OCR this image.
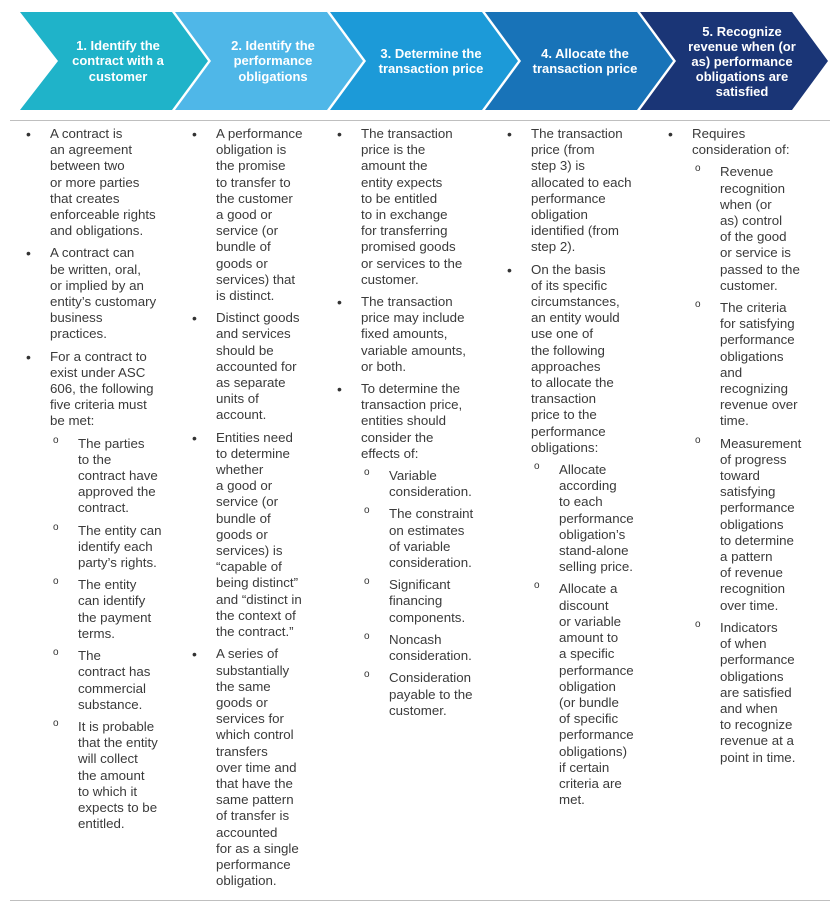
1. Identify the
contract with a
customer
2. Identify the
performance
obligations
3. Determine the
transaction price
4. Allocate the
transaction price
5. Recognize
revenue when (or
as) performance
obligations are
satisfied
• A contract is
an agreement
between two
or more parties
that creates
enforceable rights
and obligations.
• A contract can
be written, oral,
or implied by an
entity’s customary
business
practices.
• For a contract to
exist under ASC
606, the following
five criteria must
be met:
o The parties
to the
contract have
approved the
contract.
o The entity can
identify each
party’s rights.
o The entity
can identify
the payment
terms.
o The
contract has
commercial
substance.
o It is probable
that the entity
will collect
the amount
to which it
expects to be
entitled.
• A performance
obligation is
the promise
to transfer to
the customer
a good or
service (or
bundle of
goods or
services) that
is distinct.
• Distinct goods
and services
should be
accounted for
as separate
units of
account.
• Entities need
to determine
whether
a good or
service (or
bundle of
goods or
services) is
“capable of
being distinct”
and “distinct in
the context of
the contract.”
• A series of
substantially
the same
goods or
services for
which control
transfers
over time and
that have the
same pattern
of transfer is
accounted
for as a single
performance
obligation.
• The transaction
price is the
amount the
entity expects
to be entitled
to in exchange
for transferring
promised goods
or services to the
customer.
• The transaction
price may include
fixed amounts,
variable amounts,
or both.
• To determine the
transaction price,
entities should
consider the
effects of:
o Variable
consideration.
o The constraint
on estimates
of variable
consideration.
o Significant
financing
components.
o Noncash
consideration.
o Consideration
payable to the
customer.
• The transaction
price (from
step 3) is
allocated to each
performance
obligation
identified (from
step 2).
• On the basis
of its specific
circumstances,
an entity would
use one of
the following
approaches
to allocate the
transaction
price to the
performance
obligations:
o Allocate
according
to each
performance
obligation’s
stand-alone
selling price.
o Allocate a
discount
or variable
amount to
a specific
performance
obligation
(or bundle
of specific
performance
obligations)
if certain
criteria are
met.
• Requires
consideration of:
o Revenue
recognition
when (or
as) control
of the good
or service is
passed to the
customer.
o The criteria
for satisfying
performance
obligations
and
recognizing
revenue over
time.
o Measurement
of progress
toward
satisfying
performance
obligations
to determine
a pattern
of revenue
recognition
over time.
o Indicators
of when
performance
obligations
are satisfied
and when
to recognize
revenue at a
point in time.
